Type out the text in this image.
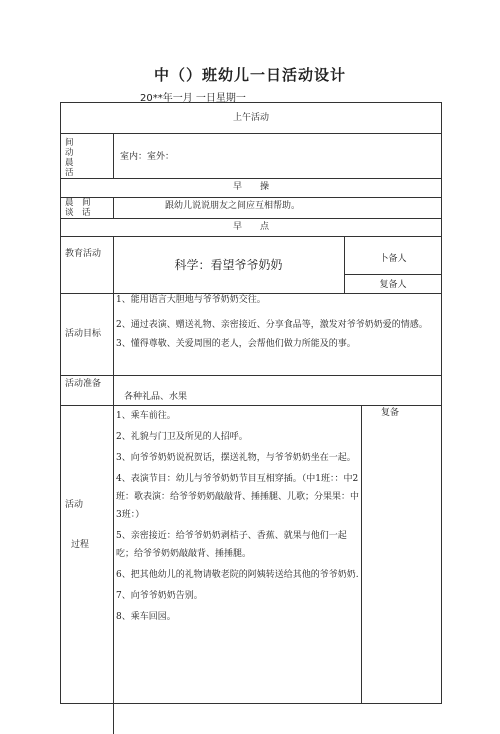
中（）班幼儿一日活动设计
20**年一月 一日星期一
上午活动
间
动
晨
活
室内：室外：
早　　操
晨　间
谈　话
跟幼儿说说朋友之间应互相帮助。
早　　点
教育活动
科学：看望爷爷奶奶	卜备人
复备人
活动目标

1、能用语言大胆地与爷爷奶奶交往。

2、通过表演、赠送礼物、亲密接近、分享食品等，激发对爷爷奶奶爱的情感。

3、懂得尊敬、关爱周围的老人，会帮他们做力所能及的事。

活动准备
各种礼品、水果
活动
过程
复备

1、乘车前往。

2、礼貌与门卫及所见的人招呼。

3、向爷爷奶奶说祝贺话，摆送礼物，与爷爷奶奶坐在一起。

4、表演节目：幼儿与爷爷奶奶节目互相穿插。（中1班：：中2班：歌表演：给爷爷奶奶敲敲背、捶捶腿、儿歌；分果果：中3班：）

5、亲密接近：给爷爷奶奶剥桔子、香蕉、就果与他们一起吃；给爷爷奶奶敲敲背、捶捶腿。

6、把其他幼儿的礼物请敬老院的阿姨转送给其他的爷爷奶奶.

7、向爷爷奶奶告别。

8、乘车回园。
